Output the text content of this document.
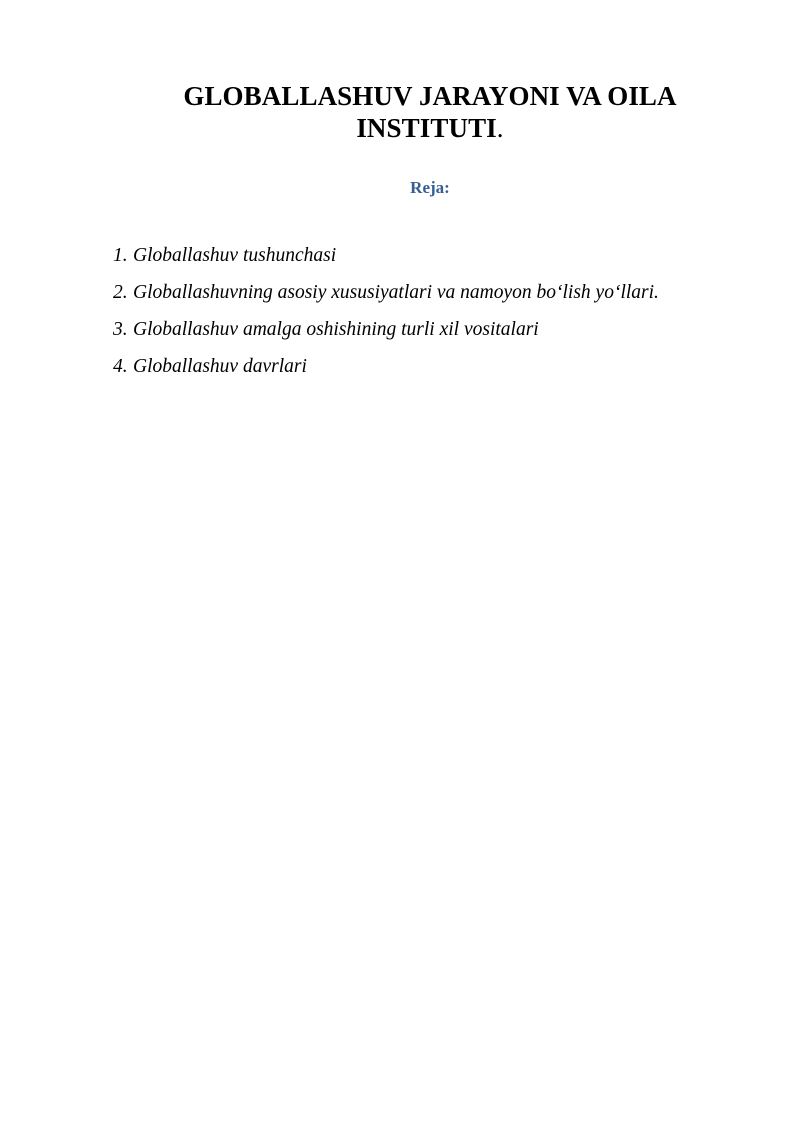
GLOBALLASHUV JARAYONI VA OILA INSTITUTI.

Reja:

1. Globallashuv tushunchasi
2. Globallashuvning asosiy xususiyatlari va namoyon bo‘lish yo‘llari.
3. Globallashuv amalga oshishining turli xil vositalari
4. Globallashuv davrlari
